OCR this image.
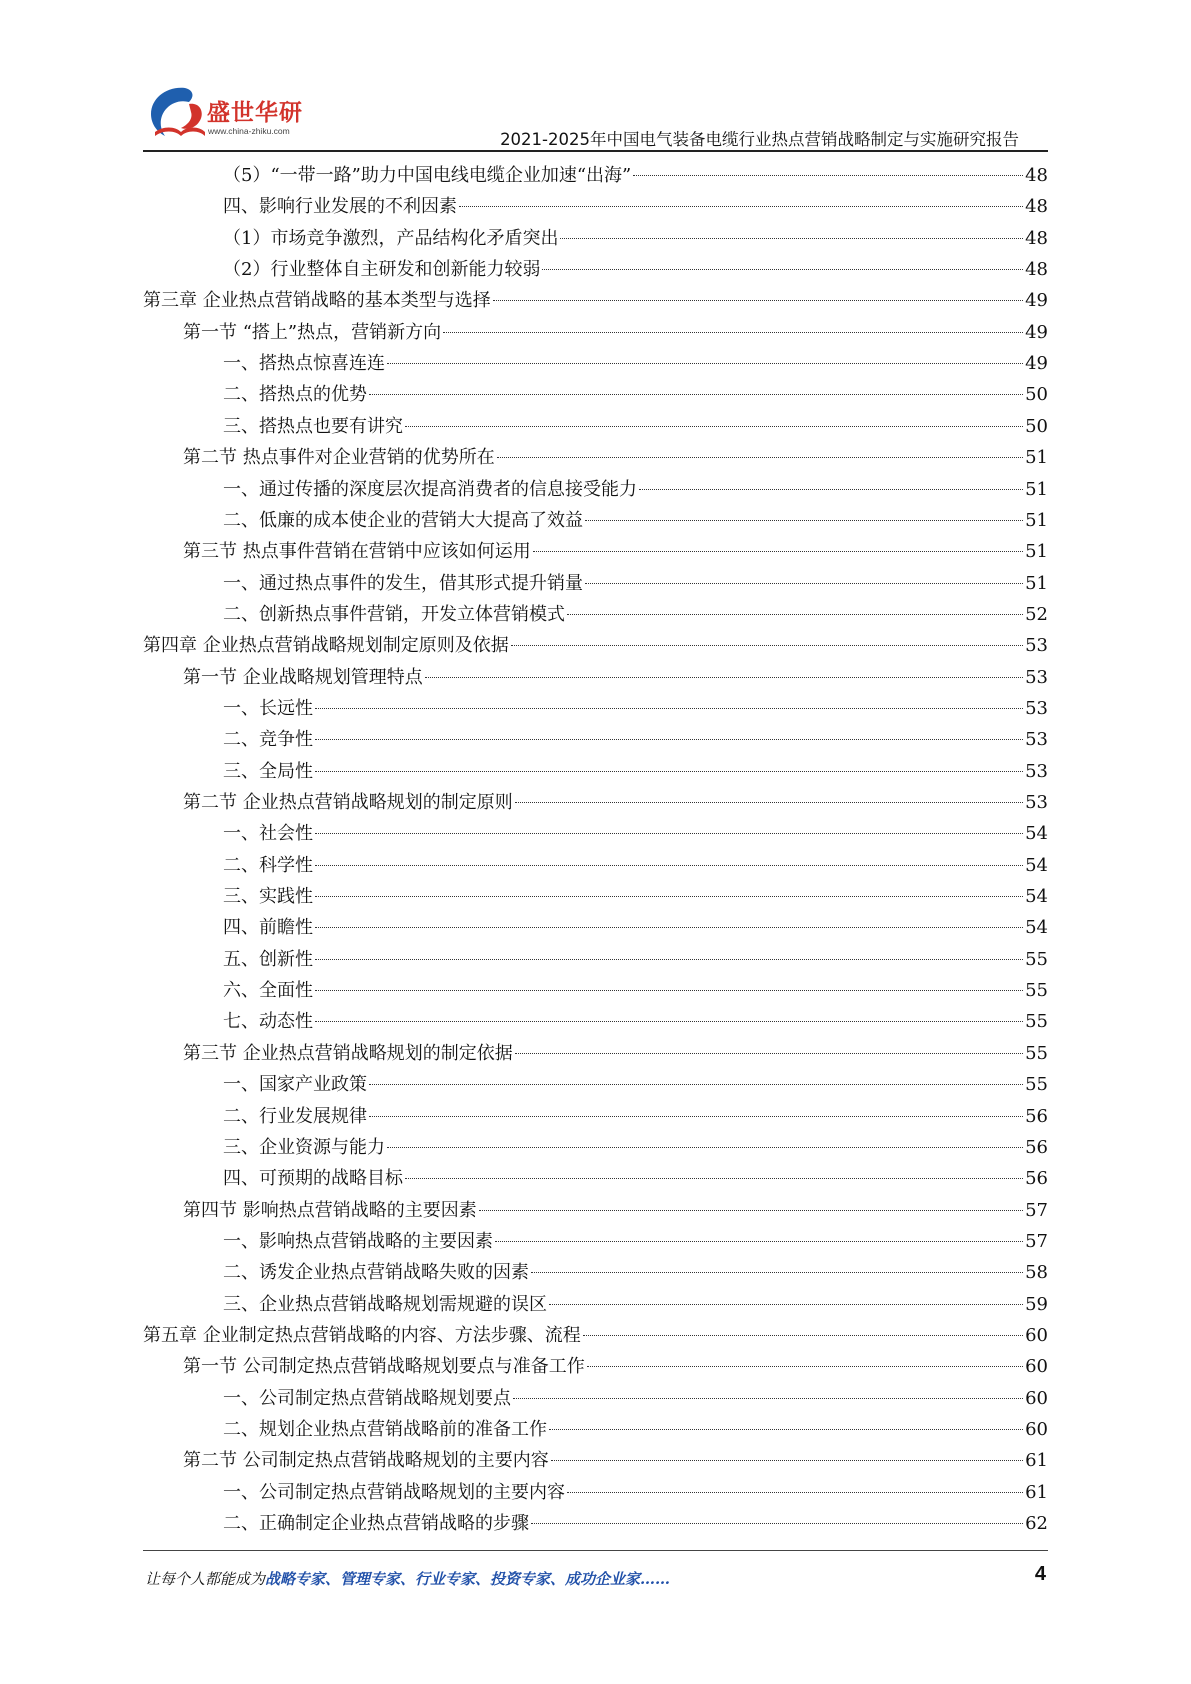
盛世华研
www.china-zhiku.com	2021-2025年中国电气装备电缆行业热点营销战略制定与实施研究报告
（5）“一带一路”助力中国电线电缆企业加速“出海”	48
四、影响行业发展的不利因素	48
（1）市场竞争激烈，产品结构化矛盾突出	48
（2）行业整体自主研发和创新能力较弱	48
第三章 企业热点营销战略的基本类型与选择	49
第一节 “搭上”热点，营销新方向	49
一、搭热点惊喜连连	49
二、搭热点的优势	50
三、搭热点也要有讲究	50
第二节 热点事件对企业营销的优势所在	51
一、通过传播的深度层次提高消费者的信息接受能力	51
二、低廉的成本使企业的营销大大提高了效益	51
第三节 热点事件营销在营销中应该如何运用	51
一、通过热点事件的发生，借其形式提升销量	51
二、创新热点事件营销，开发立体营销模式	52
第四章 企业热点营销战略规划制定原则及依据	53
第一节 企业战略规划管理特点	53
一、长远性	53
二、竞争性	53
三、全局性	53
第二节 企业热点营销战略规划的制定原则	53
一、社会性	54
二、科学性	54
三、实践性	54
四、前瞻性	54
五、创新性	55
六、全面性	55
七、动态性	55
第三节 企业热点营销战略规划的制定依据	55
一、国家产业政策	55
二、行业发展规律	56
三、企业资源与能力	56
四、可预期的战略目标	56
第四节 影响热点营销战略的主要因素	57
一、影响热点营销战略的主要因素	57
二、诱发企业热点营销战略失败的因素	58
三、企业热点营销战略规划需规避的误区	59
第五章 企业制定热点营销战略的内容、方法步骤、流程	60
第一节 公司制定热点营销战略规划要点与准备工作	60
一、公司制定热点营销战略规划要点	60
二、规划企业热点营销战略前的准备工作	60
第二节 公司制定热点营销战略规划的主要内容	61
一、公司制定热点营销战略规划的主要内容	61
二、正确制定企业热点营销战略的步骤	62
让每个人都能成为战略专家、管理专家、行业专家、投资专家、成功企业家……	4
